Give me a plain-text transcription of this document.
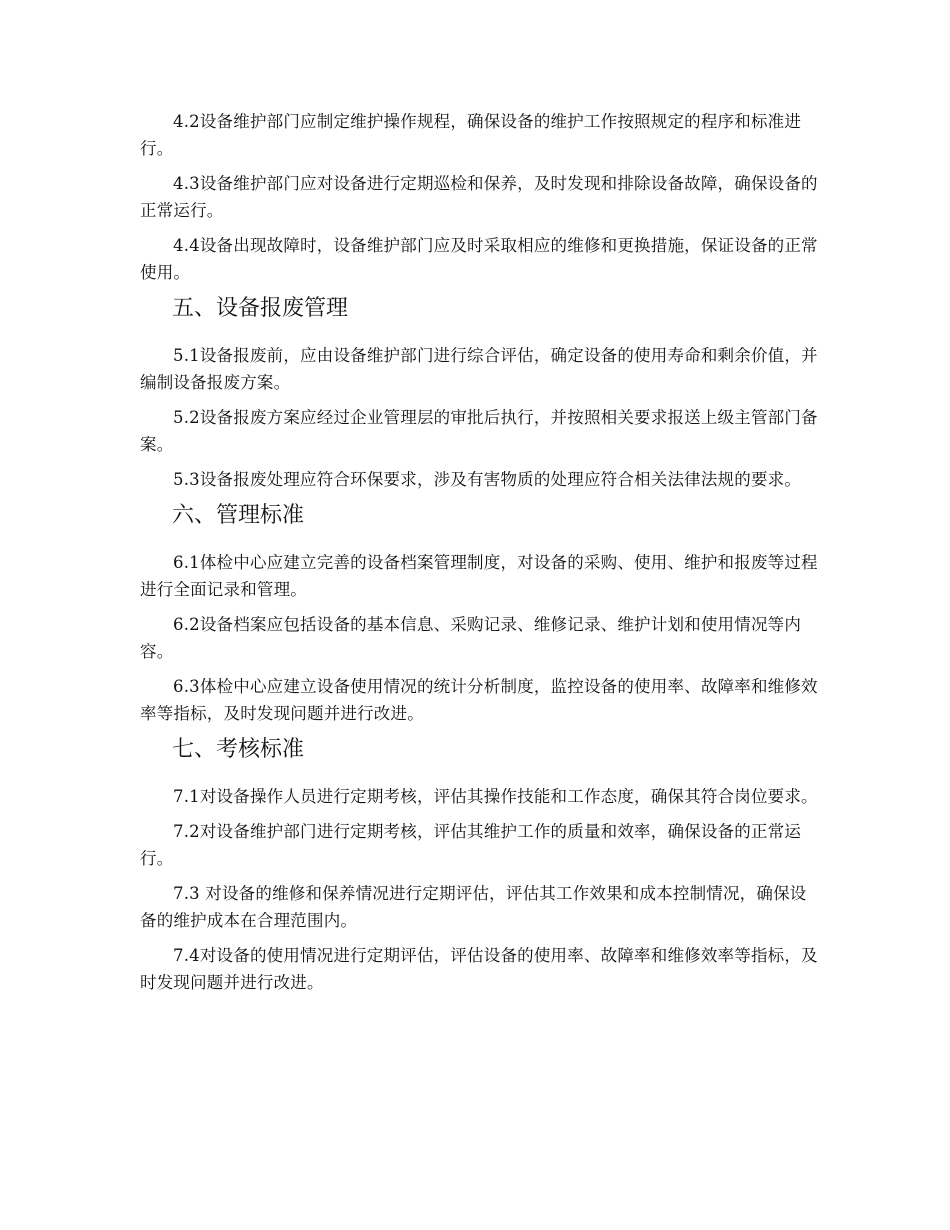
4.2设备维护部门应制定维护操作规程，确保设备的维护工作按照规定的程序和标准进行。

4.3设备维护部门应对设备进行定期巡检和保养，及时发现和排除设备故障，确保设备的正常运行。

4.4设备出现故障时，设备维护部门应及时采取相应的维修和更换措施，保证设备的正常使用。

五、设备报废管理

5.1设备报废前，应由设备维护部门进行综合评估，确定设备的使用寿命和剩余价值，并编制设备报废方案。

5.2设备报废方案应经过企业管理层的审批后执行，并按照相关要求报送上级主管部门备案。

5.3设备报废处理应符合环保要求，涉及有害物质的处理应符合相关法律法规的要求。

六、管理标准

6.1体检中心应建立完善的设备档案管理制度，对设备的采购、使用、维护和报废等过程进行全面记录和管理。

6.2设备档案应包括设备的基本信息、采购记录、维修记录、维护计划和使用情况等内容。

6.3体检中心应建立设备使用情况的统计分析制度，监控设备的使用率、故障率和维修效率等指标，及时发现问题并进行改进。

七、考核标准

7.1对设备操作人员进行定期考核，评估其操作技能和工作态度，确保其符合岗位要求。

7.2对设备维护部门进行定期考核，评估其维护工作的质量和效率，确保设备的正常运行。

7.3 对设备的维修和保养情况进行定期评估，评估其工作效果和成本控制情况，确保设备的维护成本在合理范围内。

7.4对设备的使用情况进行定期评估，评估设备的使用率、故障率和维修效率等指标，及时发现问题并进行改进。
